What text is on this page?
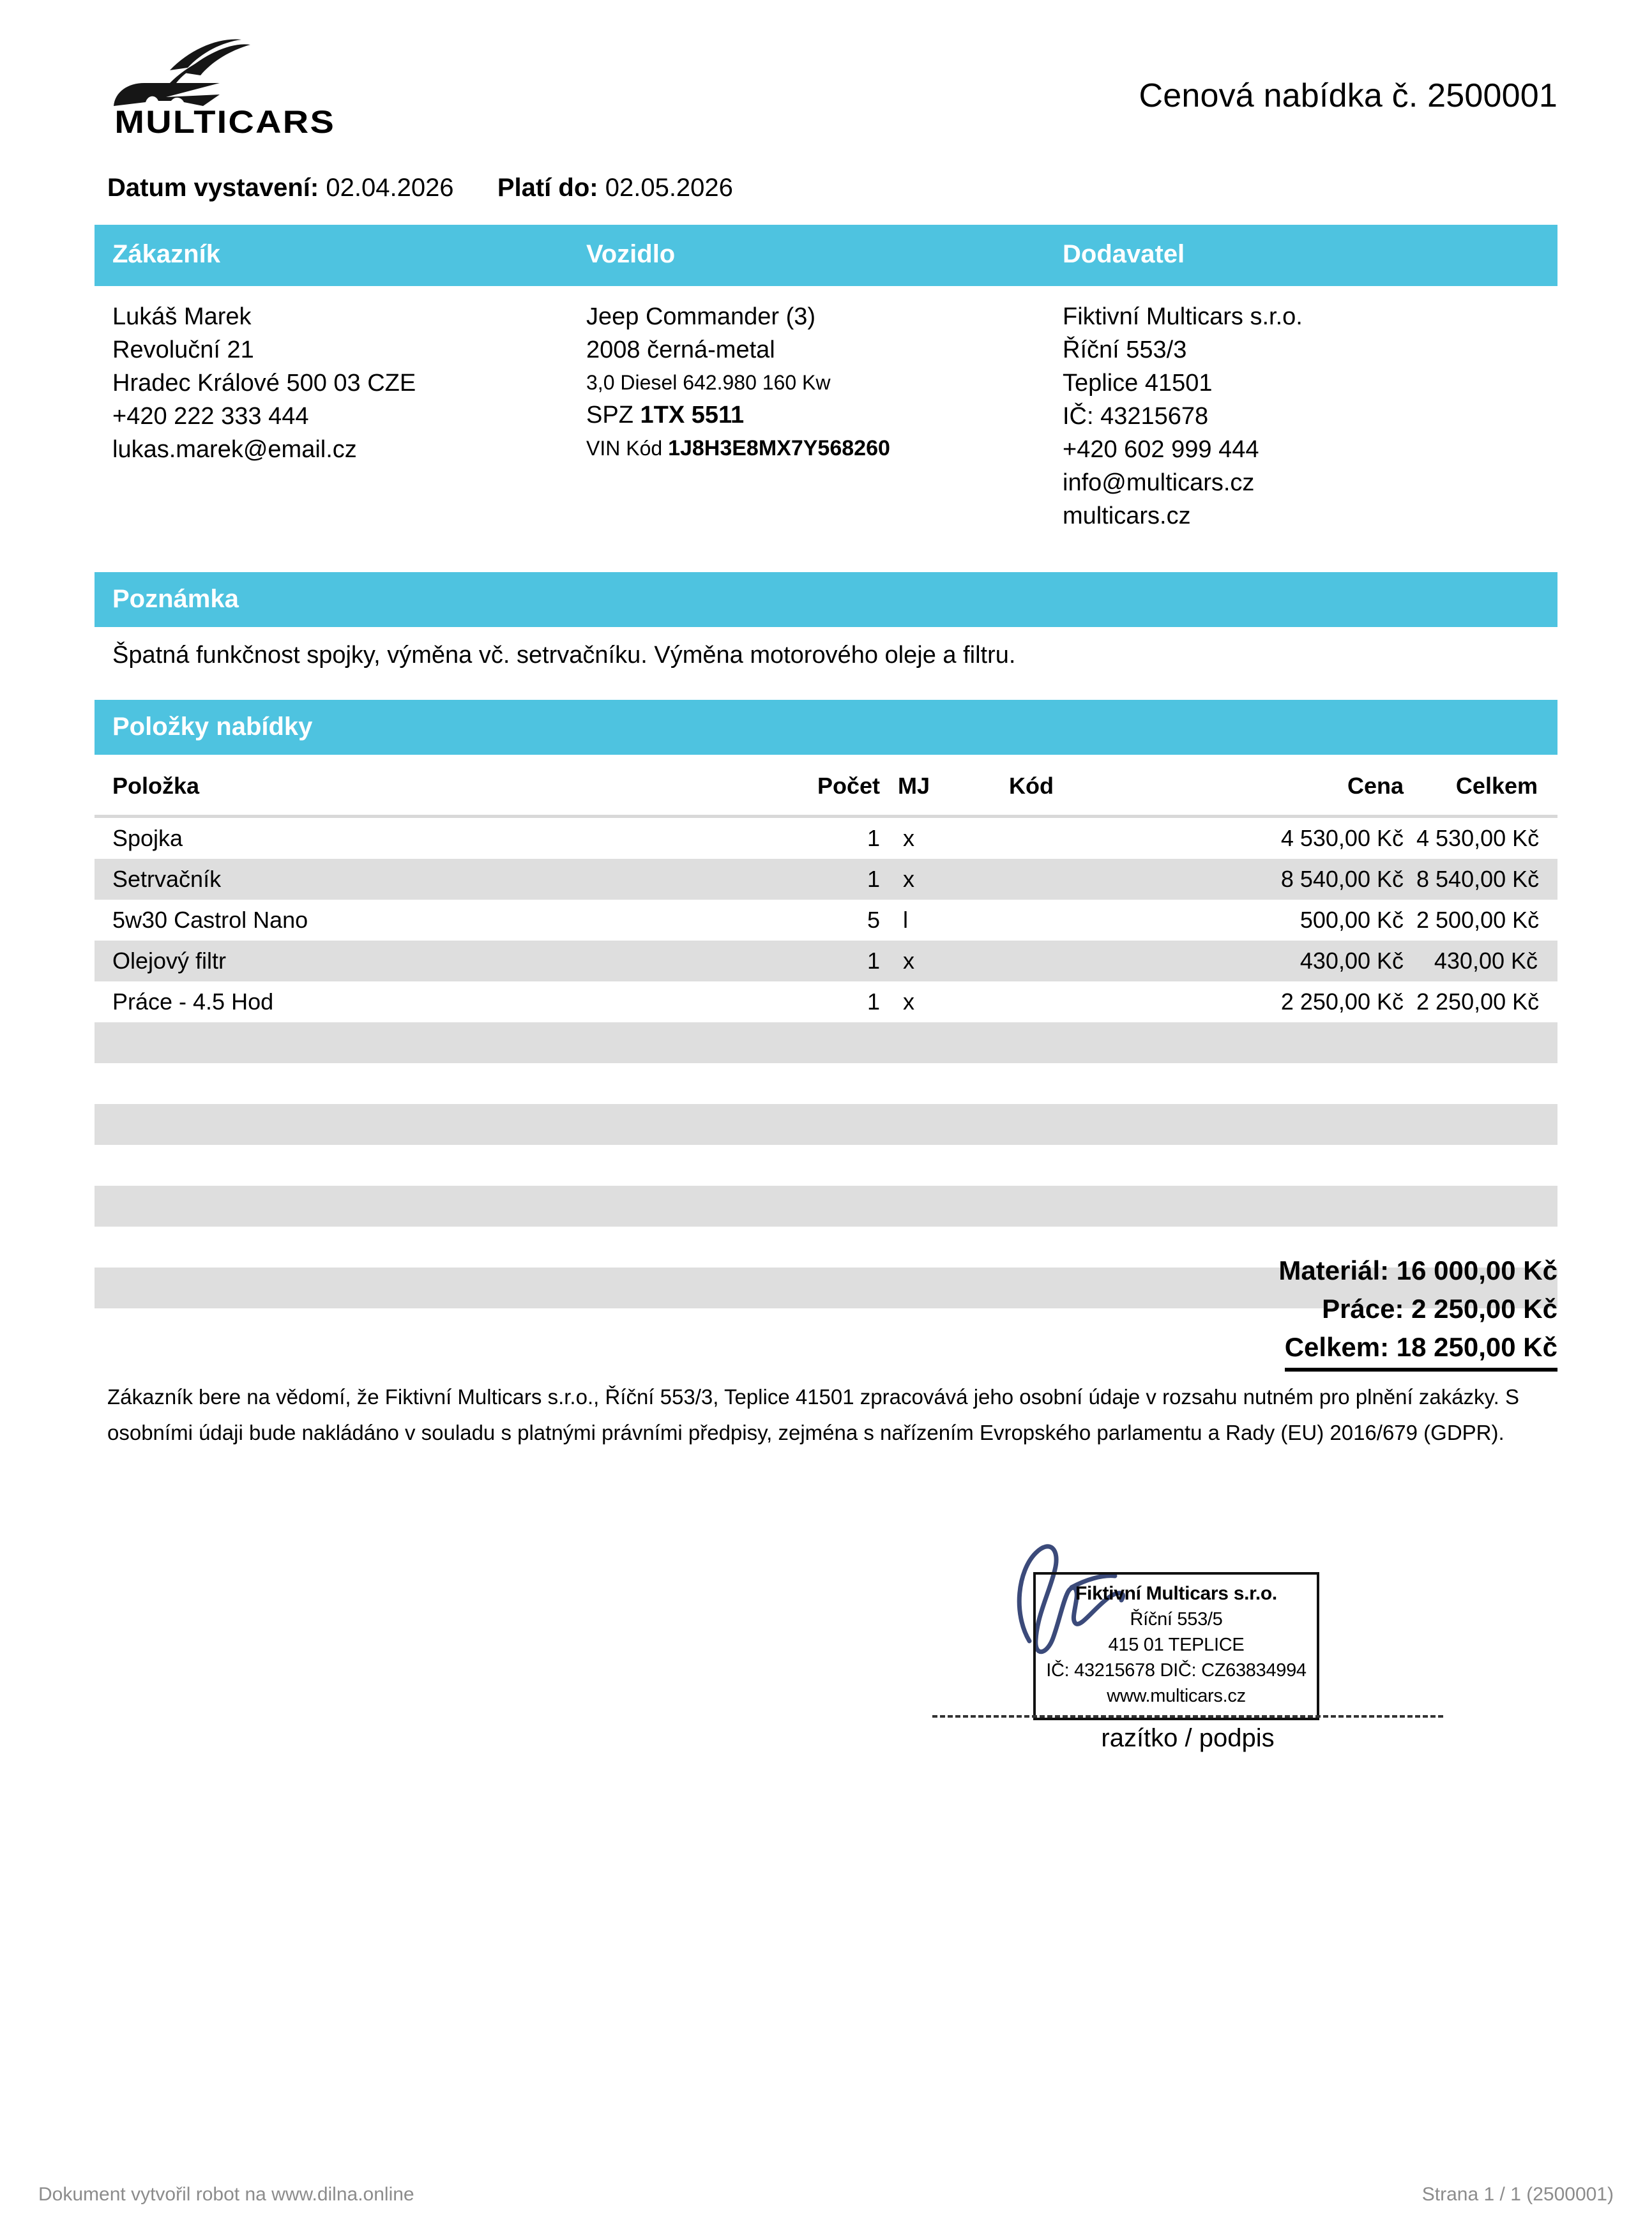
MULTICARS
Cenová nabídka č. 2500001
Datum vystavení: 02.04.2026 Platí do: 02.05.2026
Zákazník	Vozidlo	Dodavatel
Lukáš Marek
Revoluční 21
Hradec Králové 500 03 CZE
+420 222 333 444
lukas.marek@email.cz
Jeep Commander (3)
2008 černá-metal
3,0 Diesel 642.980 160 Kw
SPZ 1TX 5511
VIN Kód 1J8H3E8MX7Y568260
Fiktivní Multicars s.r.o.
Říční 553/3
Teplice 41501
IČ: 43215678
+420 602 999 444
info@multicars.cz
multicars.cz
Poznámka
Špatná funkčnost spojky, výměna vč. setrvačníku. Výměna motorového oleje a filtru.
Položky nabídky
Položka	Počet MJ	Kód	Cena	Celkem
Spojka	1 x	4 530,00 Kč 4 530,00 Kč
Setrvačník	1 x	8 540,00 Kč 8 540,00 Kč
5w30 Castrol Nano	5 l	500,00 Kč 2 500,00 Kč
Olejový filtr	1 x	430,00 Kč	430,00 Kč
Práce - 4.5 Hod	1 x	2 250,00 Kč 2 250,00 Kč
Materiál: 16 000,00 Kč
Práce: 2 250,00 Kč
Celkem: 18 250,00 Kč
Zákazník bere na vědomí, že Fiktivní Multicars s.r.o., Říční 553/3, Teplice 41501 zpracovává jeho osobní údaje v rozsahu nutném pro plnění zakázky. S osobními údaji bude nakládáno v souladu s platnými právními předpisy, zejména s nařízením Evropského parlamentu a Rady (EU) 2016/679 (GDPR).
Fiktivní Multicars s.r.o.
Říční 553/5
415 01 TEPLICE
IČ: 43215678 DIČ: CZ63834994
www.multicars.cz
razítko / podpis
Dokument vytvořil robot na www.dilna.online	Strana 1 / 1 (2500001)
